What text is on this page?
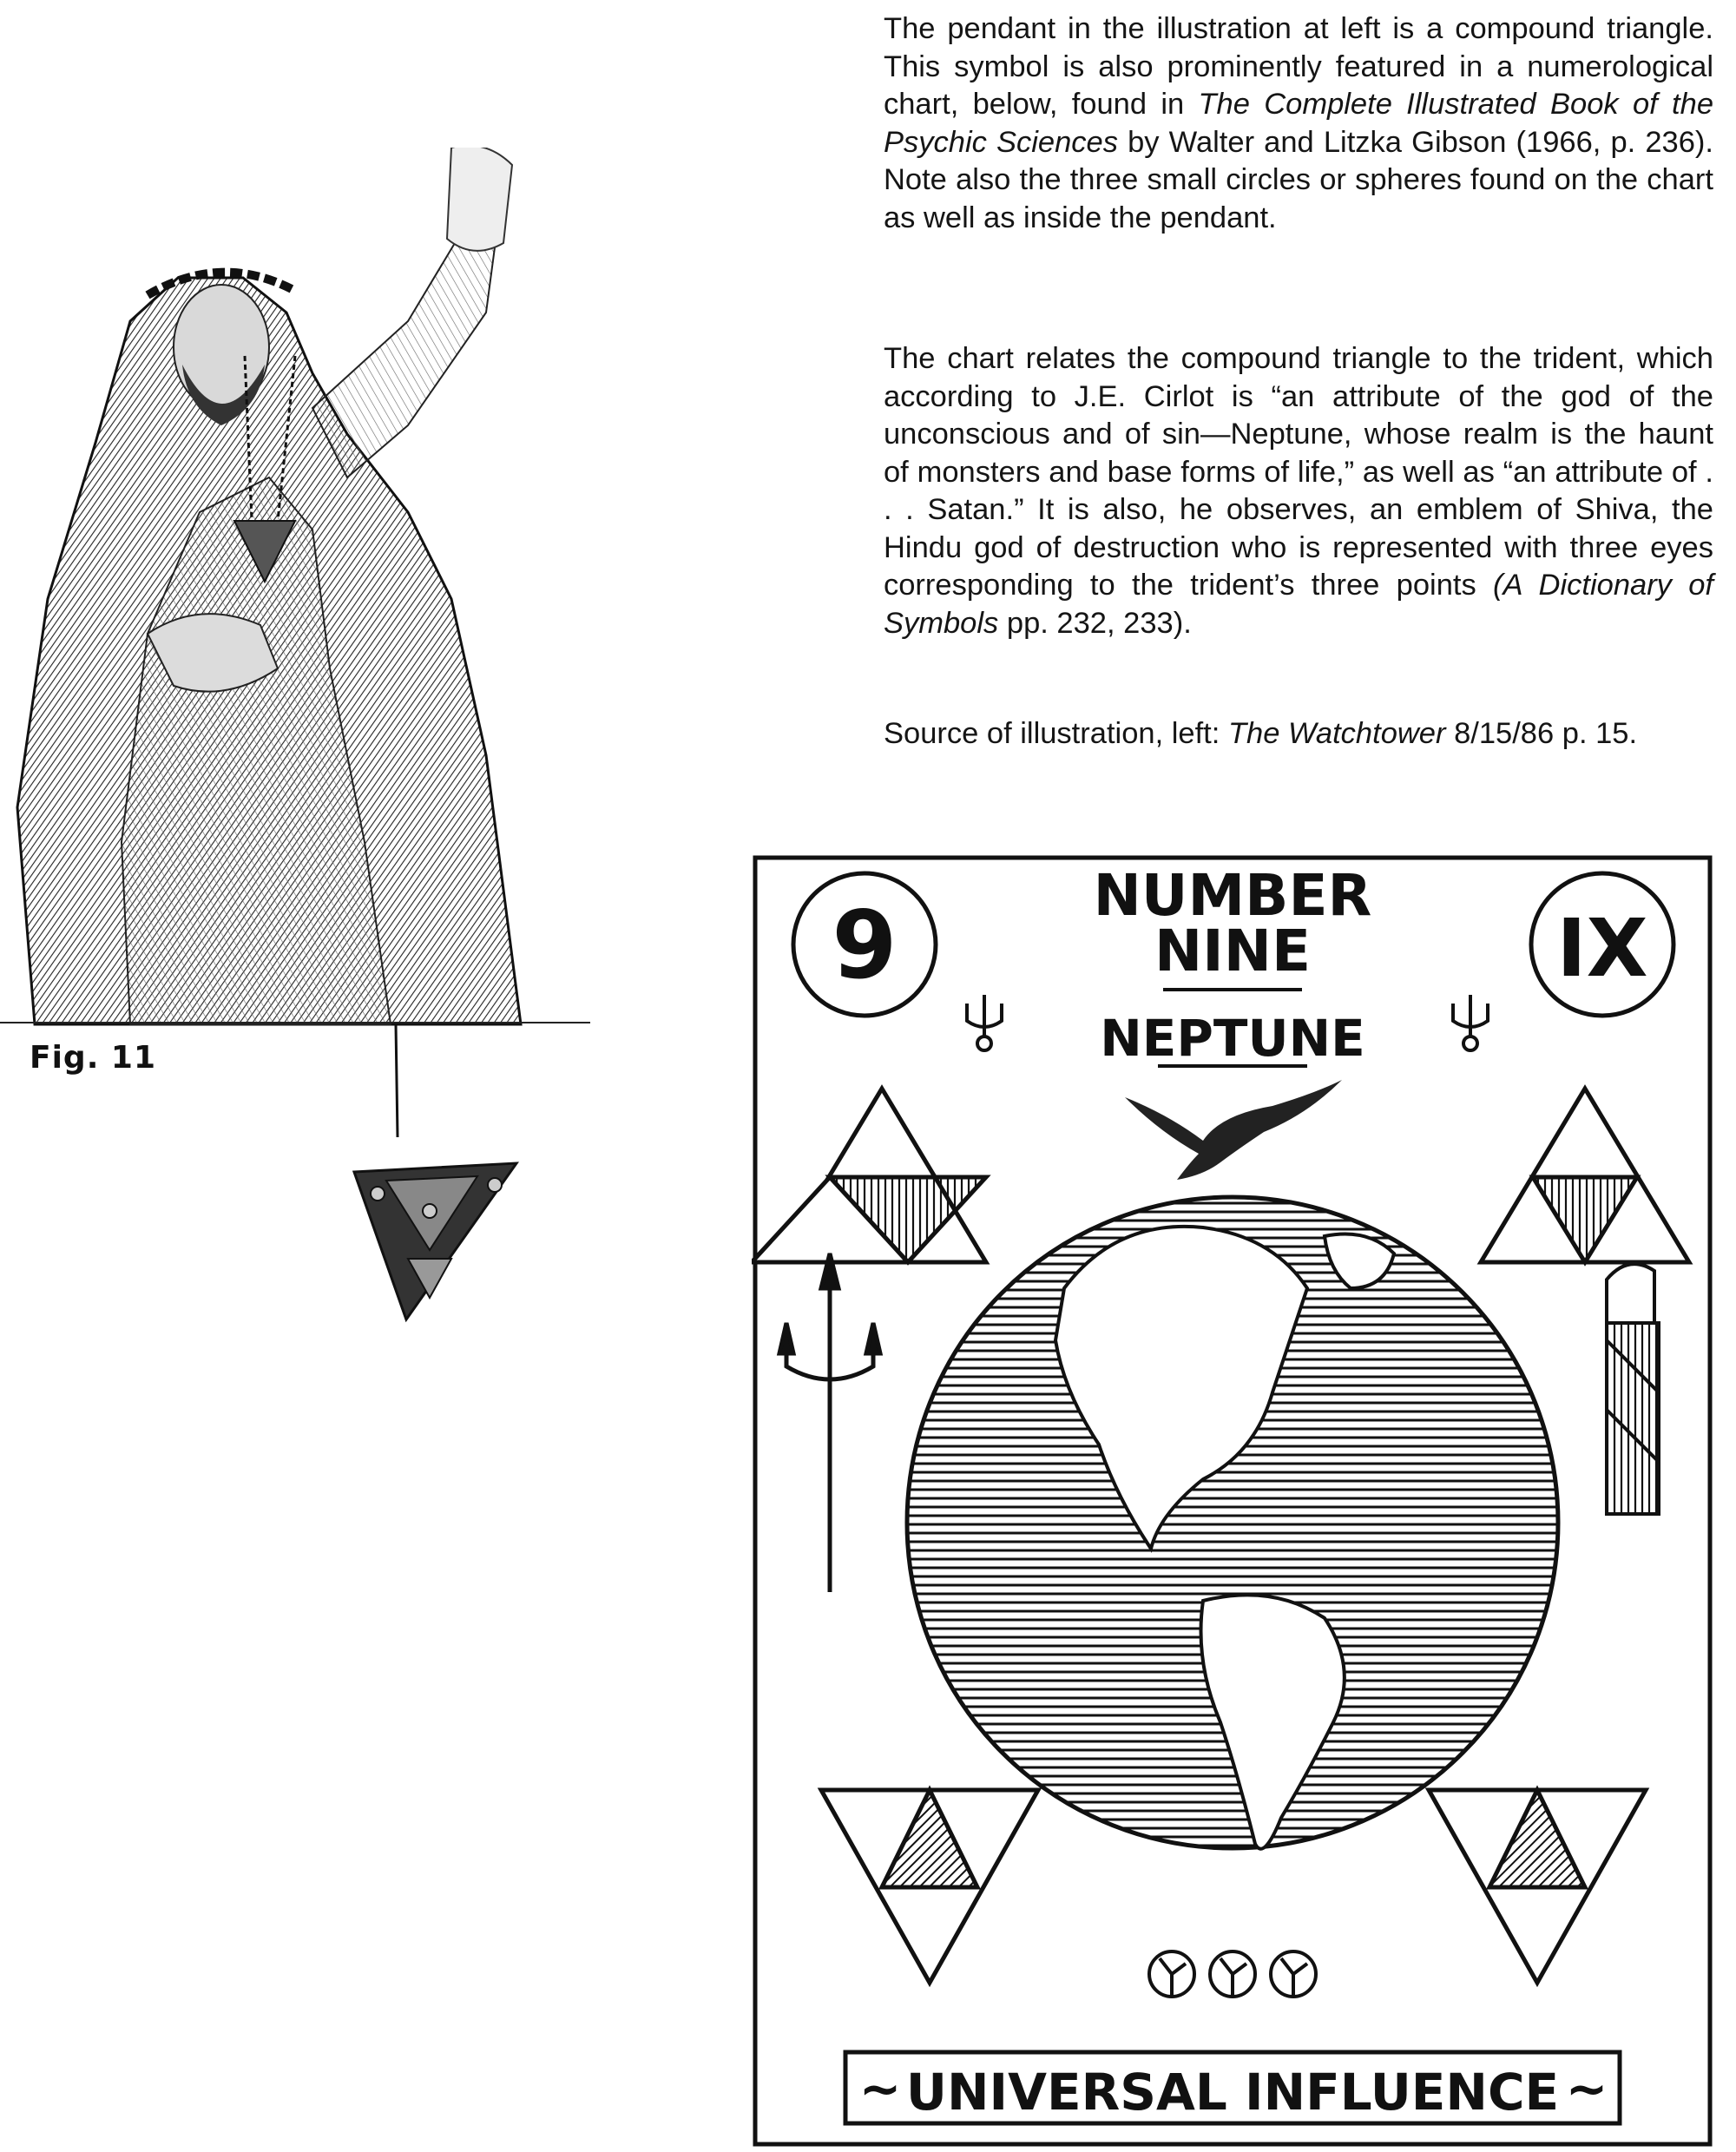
The pendant in the illustration at left is a compound triangle. This symbol is also prominently featured in a numerological chart, below, found in The Complete Illustrated Book of the Psychic Sciences by Walter and Litzka Gibson (1966, p. 236). Note also the three small circles or spheres found on the chart as well as inside the pendant.

The chart relates the compound triangle to the trident, which according to J.E. Cirlot is “an attribute of the god of the unconscious and of sin—Neptune, whose realm is the haunt of monsters and base forms of life,” as well as “an attribute of . . . Satan.” It is also, he observes, an emblem of Shiva, the Hindu god of destruction who is represented with three eyes corresponding to the trident’s three points (A Dictionary of Symbols pp. 232, 233).

Source of illustration, left: The Watchtower 8/15/86 p. 15.

Fig. 11
9	IX
NUMBER
NINE
NEPTUNE
~ UNIVERSAL INFLUENCE ~
